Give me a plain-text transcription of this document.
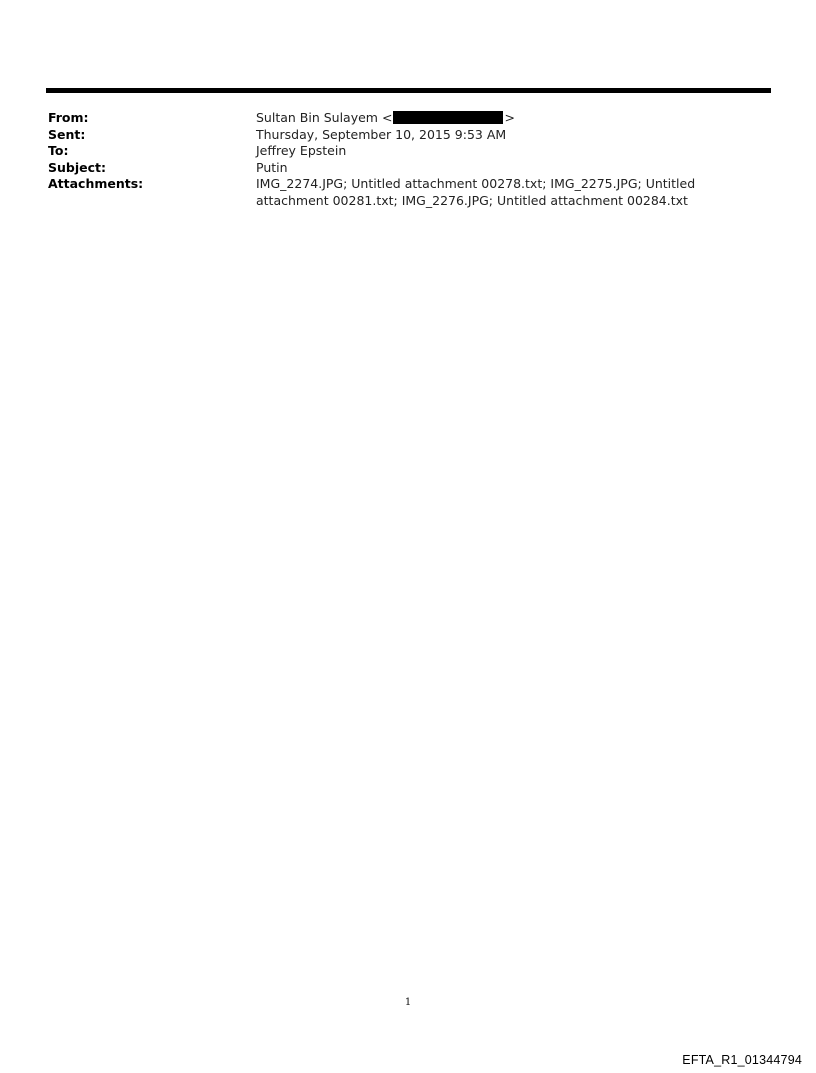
From:	Sultan Bin Sulayem <	>
Sent:	Thursday, September 10, 2015 9:53 AM
To:	Jeffrey Epstein
Subject:	Putin
Attachments:	IMG_2274.JPG; Untitled attachment 00278.txt; IMG_2275.JPG; Untitled attachment 00281.txt; IMG_2276.JPG; Untitled attachment 00284.txt
1
EFTA_R1_01344794
